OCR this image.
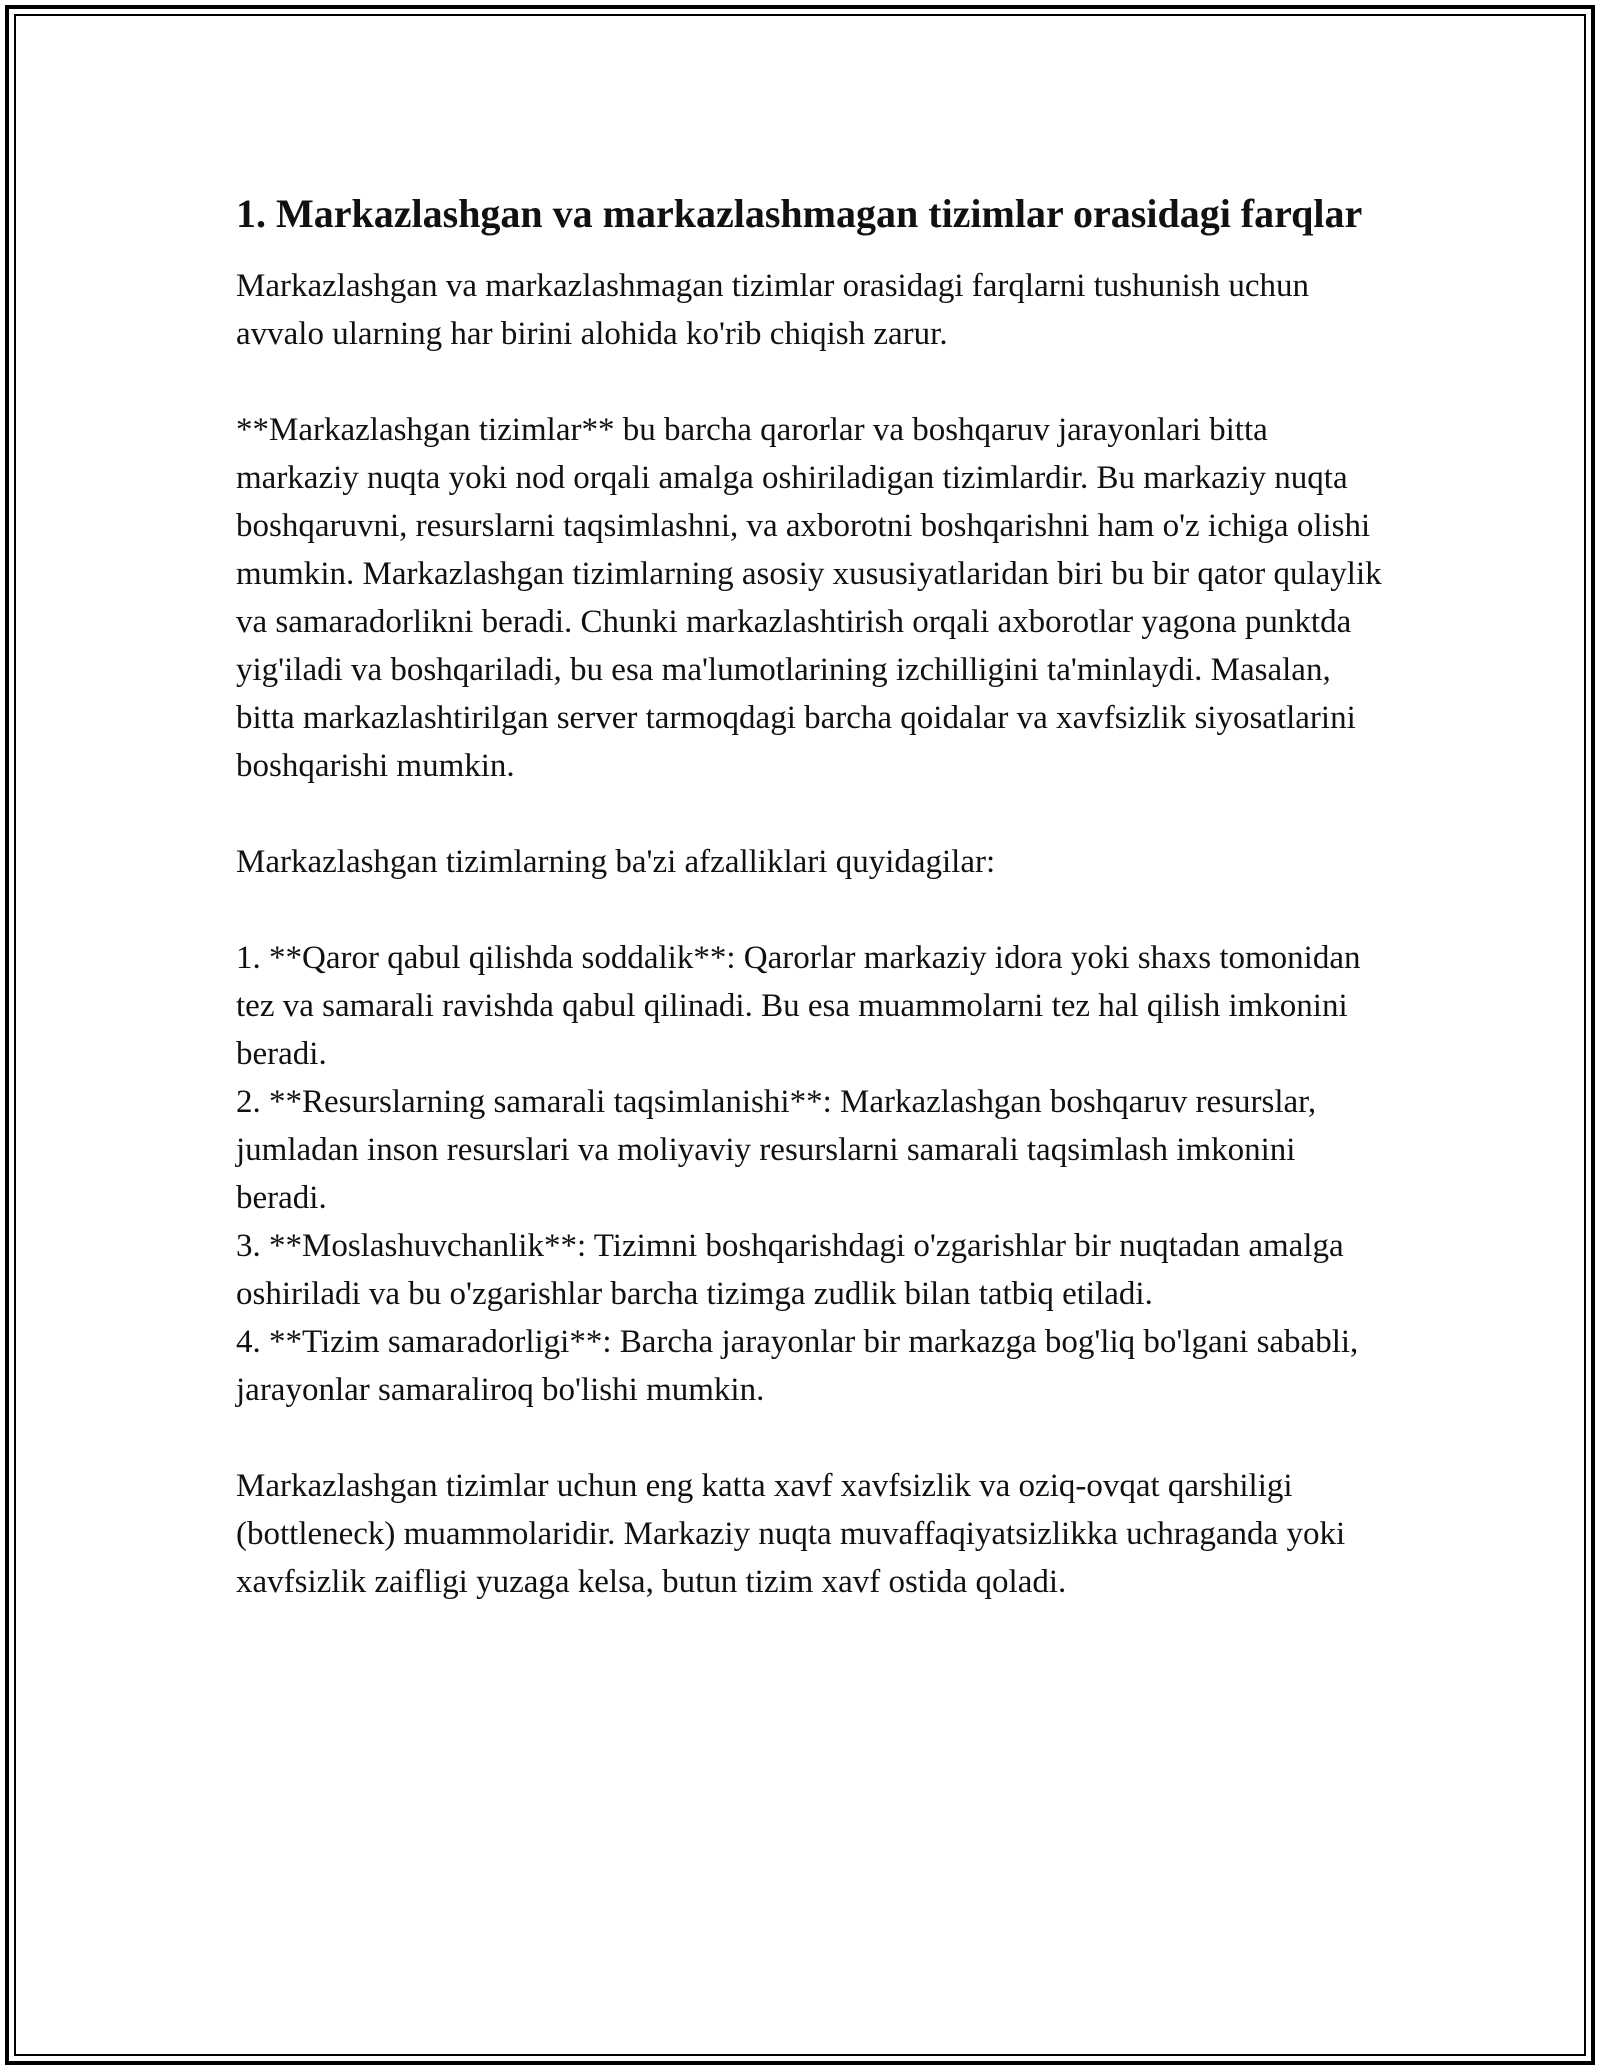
1. Markazlashgan va markazlashmagan tizimlar orasidagi farqlar

Markazlashgan va markazlashmagan tizimlar orasidagi farqlarni tushunish uchun avvalo ularning har birini alohida ko'rib chiqish zarur.

**Markazlashgan tizimlar** bu barcha qarorlar va boshqaruv jarayonlari bitta markaziy nuqta yoki nod orqali amalga oshiriladigan tizimlardir. Bu markaziy nuqta boshqaruvni, resurslarni taqsimlashni, va axborotni boshqarishni ham o'z ichiga olishi mumkin. Markazlashgan tizimlarning asosiy xususiyatlaridan biri bu bir qator qulaylik va samaradorlikni beradi. Chunki markazlashtirish orqali axborotlar yagona punktda yig'iladi va boshqariladi, bu esa ma'lumotlarining izchilligini ta'minlaydi. Masalan, bitta markazlashtirilgan server tarmoqdagi barcha qoidalar va xavfsizlik siyosatlarini boshqarishi mumkin.

Markazlashgan tizimlarning ba'zi afzalliklari quyidagilar:

1. **Qaror qabul qilishda soddalik**: Qarorlar markaziy idora yoki shaxs tomonidan tez va samarali ravishda qabul qilinadi. Bu esa muammolarni tez hal qilish imkonini beradi.
2. **Resurslarning samarali taqsimlanishi**: Markazlashgan boshqaruv resurslar, jumladan inson resurslari va moliyaviy resurslarni samarali taqsimlash imkonini beradi.
3. **Moslashuvchanlik**: Tizimni boshqarishdagi o'zgarishlar bir nuqtadan amalga oshiriladi va bu o'zgarishlar barcha tizimga zudlik bilan tatbiq etiladi.
4. **Tizim samaradorligi**: Barcha jarayonlar bir markazga bog'liq bo'lgani sababli, jarayonlar samaraliroq bo'lishi mumkin.

Markazlashgan tizimlar uchun eng katta xavf xavfsizlik va oziq-ovqat qarshiligi (bottleneck) muammolaridir. Markaziy nuqta muvaffaqiyatsizlikka uchraganda yoki xavfsizlik zaifligi yuzaga kelsa, butun tizim xavf ostida qoladi.
